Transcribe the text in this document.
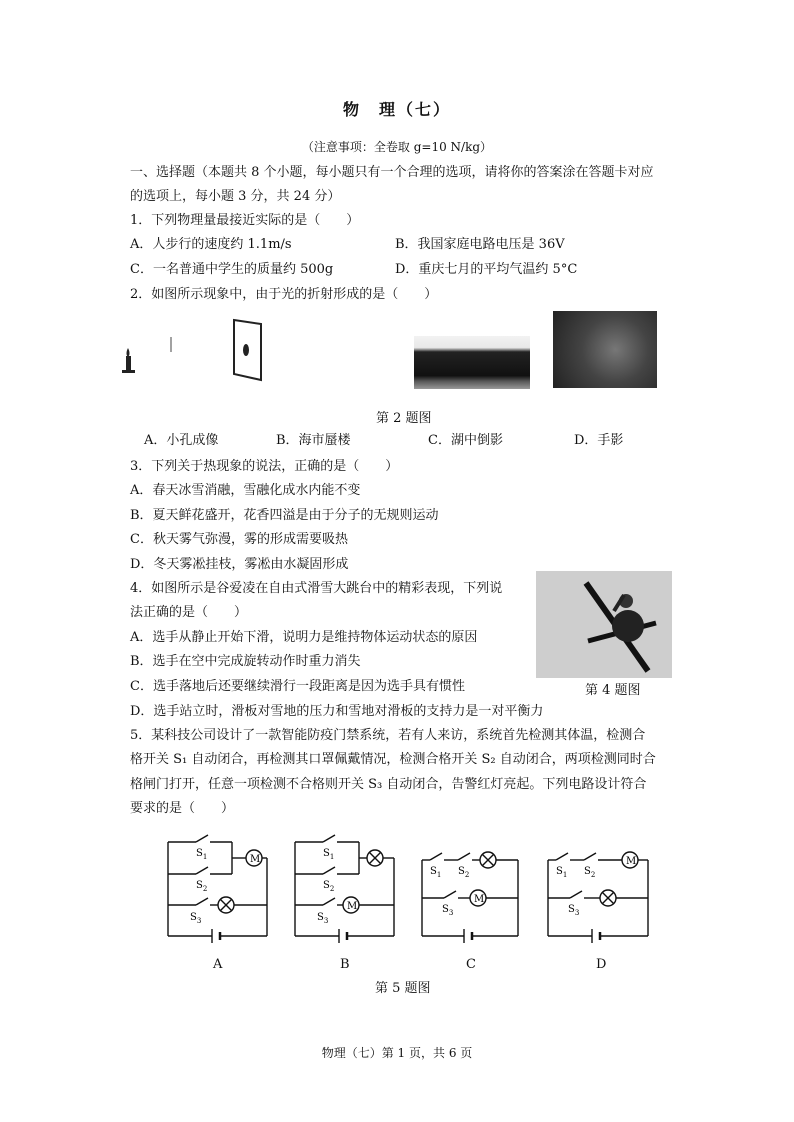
物　理（七）
（注意事项：全卷取 g=10 N/kg）
一、选择题（本题共 8 个小题，每小题只有一个合理的选项，请将你的答案涂在答题卡对应
的选项上，每小题 3 分，共 24 分）
1．下列物理量最接近实际的是（　　）
A．人步行的速度约 1.1m/s	B．我国家庭电路电压是 36V
C．一名普通中学生的质量约 500g	D．重庆七月的平均气温约 5°C
2．如图所示现象中，由于光的折射形成的是（　　）
第 2 题图
A．小孔成像	B．海市蜃楼	C．湖中倒影	D．手影
3．下列关于热现象的说法，正确的是（　　）
A．春天冰雪消融，雪融化成水内能不变
B．夏天鲜花盛开，花香四溢是由于分子的无规则运动
C．秋天雾气弥漫，雾的形成需要吸热
D．冬天雾凇挂枝，雾凇由水凝固形成
4．如图所示是谷爱凌在自由式滑雪大跳台中的精彩表现，下列说
法正确的是（　　）
A．选手从静止开始下滑，说明力是维持物体运动状态的原因
B．选手在空中完成旋转动作时重力消失
C．选手落地后还要继续滑行一段距离是因为选手具有惯性
D．选手站立时，滑板对雪地的压力和雪地对滑板的支持力是一对平衡力
第 4 题图
5．某科技公司设计了一款智能防疫门禁系统，若有人来访，系统首先检测其体温，检测合
格开关 S₁ 自动闭合，再检测其口罩佩戴情况，检测合格开关 S₂ 自动闭合，两项检测同时合
格闸门打开，任意一项检测不合格则开关 S₃ 自动闭合，告警红灯亮起。下列电路设计符合
要求的是（　　）
M
$S_1$
$S_2$
$S_3$
M
$S_1$
$S_2$
$S_3$
M
$S_1$ $S_2$
$S_3$
M
$S_1$ $S_2$
$S_3$
A	B	C	D
第 5 题图
物理（七）第 1 页，共 6 页
